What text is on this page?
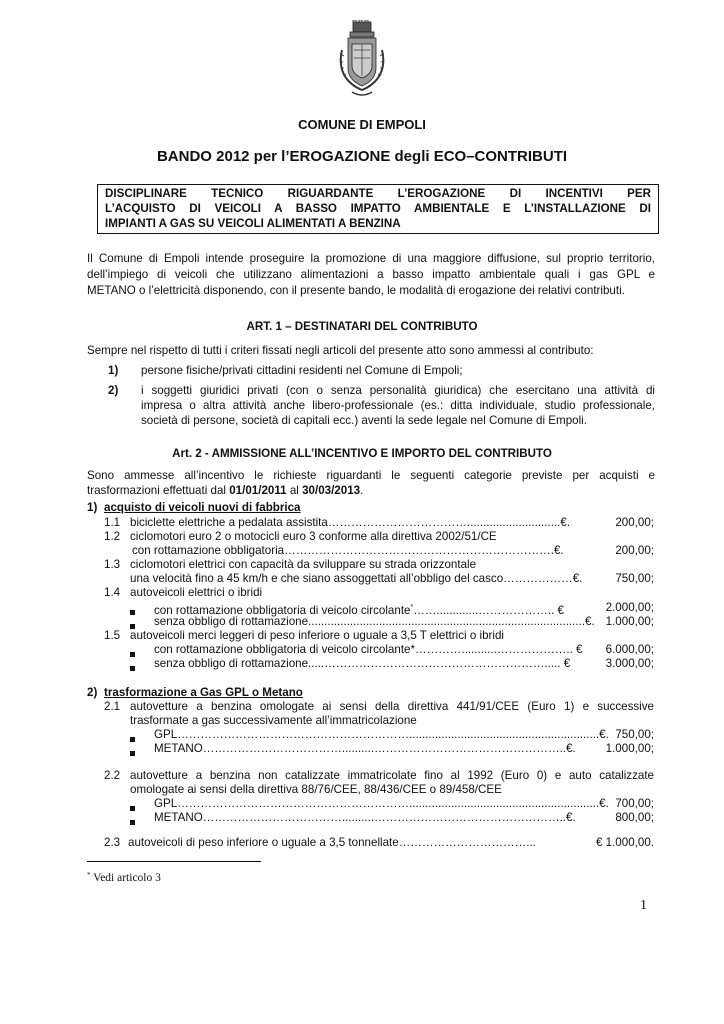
COMUNE DI EMPOLI
BANDO 2012 per l’EROGAZIONE degli ECO–CONTRIBUTI
DISCIPLINARE TECNICO RIGUARDANTE L’EROGAZIONE DI INCENTIVI PER
L’ACQUISTO DI VEICOLI A BASSO IMPATTO AMBIENTALE E L’INSTALLAZIONE DI
IMPIANTI A GAS SU VEICOLI ALIMENTATI A BENZINA
Il Comune di Empoli intende proseguire la promozione di una maggiore diffusione, sul proprio territorio,
dell’impiego di veicoli che utilizzano alimentazioni a basso impatto ambientale quali i gas GPL e
METANO o l’elettricità disponendo, con il presente bando, le modalità di erogazione dei relativi contributi.
ART. 1 – DESTINATARI DEL CONTRIBUTO
Sempre nel rispetto di tutti i criteri fissati negli articoli del presente atto sono ammessi al contributo:
1) persone fisiche/privati cittadini residenti nel Comune di Empoli;
2) i soggetti giuridici privati (con o senza personalità giuridica) che esercitano una attività di
impresa o altra attività anche libero-professionale (es.: ditta individuale, studio professionale,
società di persone, società di capitali ecc.) aventi la sede legale nel Comune di Empoli.
Art. 2 - AMMISSIONE ALL’INCENTIVO E IMPORTO DEL CONTRIBUTO
Sono ammesse all’incentivo le richieste riguardanti le seguenti categorie previste per acquisti e
trasformazioni effettuati dal 01/01/2011 al 30/03/2013.
1) acquisto di veicoli nuovi di fabbrica
1.1 biciclette elettriche a pedalata assistita……………………………….............................€.	200,00;
1.2 ciclomotori euro 2 o motocicli euro 3 conforme alla direttiva 2002/51/CE
con rottamazione obbligatoria…………………………………………………………….€.	200,00;
1.3 ciclomotori elettrici con capacità da sviluppare su strada orizzontale
una velocità fino a 45 km/h e che siano assoggettati all’obbligo del casco………………€.	750,00;
1.4 autoveicoli elettrici o ibridi
con rottamazione obbligatoria di veicolo circolante*…….............……………….. €	2.000,00;
senza obbligo di rottamazione......................................................................................€. 1.000,00;
1.5 autoveicoli merci leggeri di peso inferiore o uguale a 3,5 T elettrici o ibridi
con rottamazione obbligatoria di veicolo circolante*…………...........……………….. € 6.000,00;
senza obbligo di rottamazione.....…………………………………………………..... €	3.000,00;
2) trasformazione a Gas GPL o Metano
2.1 autovetture a benzina omologate ai sensi della direttiva 441/91/CEE (Euro 1) e successive
trasformate a gas successivamente all’immatricolazione
GPL……………………………………………………...........................................................€. 750,00;
METANO………………………………..........…………………………………………..€.	1.000,00;
2.2 autovetture a benzina non catalizzate immatricolate fino al 1992 (Euro 0) e auto catalizzate
omologate ai sensi della direttiva 88/76/CEE, 88/436/CEE o 89/458/CEE
GPL……………………………………………………...........................................................€. 700,00;
METANO………………………………..........…………………………………………..€.	800,00;
2.3 autoveicoli di peso inferiore o uguale a 3,5 tonnellate……………………………...	€ 1.000,00.
* Vedi articolo 3
1
